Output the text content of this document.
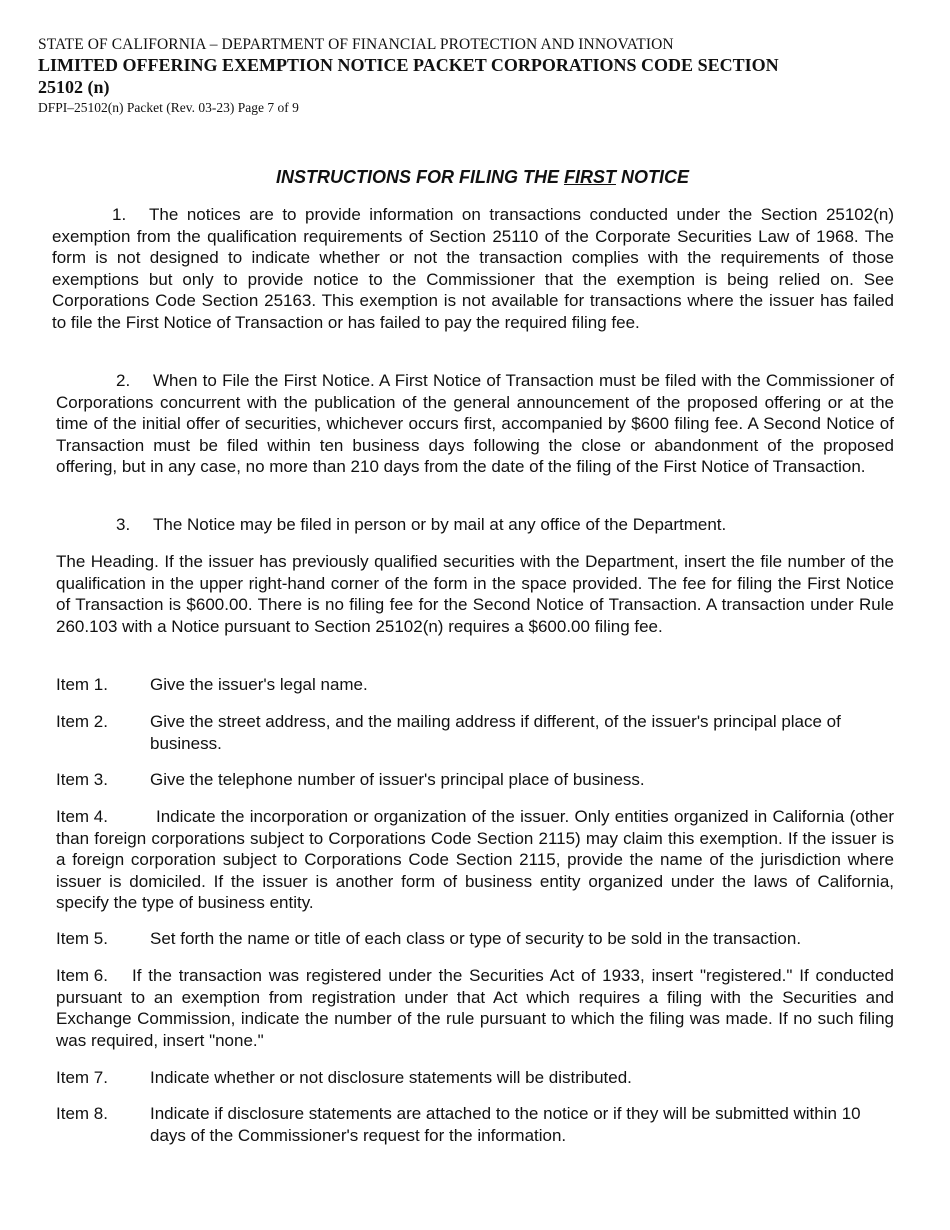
STATE OF CALIFORNIA – DEPARTMENT OF FINANCIAL PROTECTION AND INNOVATION
LIMITED OFFERING EXEMPTION NOTICE PACKET CORPORATIONS CODE SECTION 25102 (n)
DFPI–25102(n) Packet (Rev. 03-23) Page 7 of 9
INSTRUCTIONS FOR FILING THE FIRST NOTICE

1. The notices are to provide information on transactions conducted under the Section 25102(n) exemption from the qualification requirements of Section 25110 of the Corporate Securities Law of 1968. The form is not designed to indicate whether or not the transaction complies with the requirements of those exemptions but only to provide notice to the Commissioner that the exemption is being relied on. See Corporations Code Section 25163. This exemption is not available for transactions where the issuer has failed to file the First Notice of Transaction or has failed to pay the required filing fee.

2. When to File the First Notice. A First Notice of Transaction must be filed with the Commissioner of Corporations concurrent with the publication of the general announcement of the proposed offering or at the time of the initial offer of securities, whichever occurs first, accompanied by $600 filing fee. A Second Notice of Transaction must be filed within ten business days following the close or abandonment of the proposed offering, but in any case, no more than 210 days from the date of the filing of the First Notice of Transaction.

3. The Notice may be filed in person or by mail at any office of the Department.

The Heading. If the issuer has previously qualified securities with the Department, insert the file number of the qualification in the upper right-hand corner of the form in the space provided. The fee for filing the First Notice of Transaction is $600.00. There is no filing fee for the Second Notice of Transaction. A transaction under Rule 260.103 with a Notice pursuant to Section 25102(n) requires a $600.00 filing fee.

Item 1.	Give the issuer's legal name.
Item 2.	Give the street address, and the mailing address if different, of the issuer's principal place of business.
Item 3.	Give the telephone number of issuer's principal place of business.

Item 4.	Indicate the incorporation or organization of the issuer. Only entities organized in California (other than foreign corporations subject to Corporations Code Section 2115) may claim this exemption. If the issuer is a foreign corporation subject to Corporations Code Section 2115, provide the name of the jurisdiction where issuer is domiciled. If the issuer is another form of business entity organized under the laws of California, specify the type of business entity.

Item 5.	Set forth the name or title of each class or type of security to be sold in the transaction.

Item 6. If the transaction was registered under the Securities Act of 1933, insert "registered." If conducted pursuant to an exemption from registration under that Act which requires a filing with the Securities and Exchange Commission, indicate the number of the rule pursuant to which the filing was made. If no such filing was required, insert "none."

Item 7.	Indicate whether or not disclosure statements will be distributed.
Item 8.	Indicate if disclosure statements are attached to the notice or if they will be submitted within 10 days of the Commissioner's request for the information.
